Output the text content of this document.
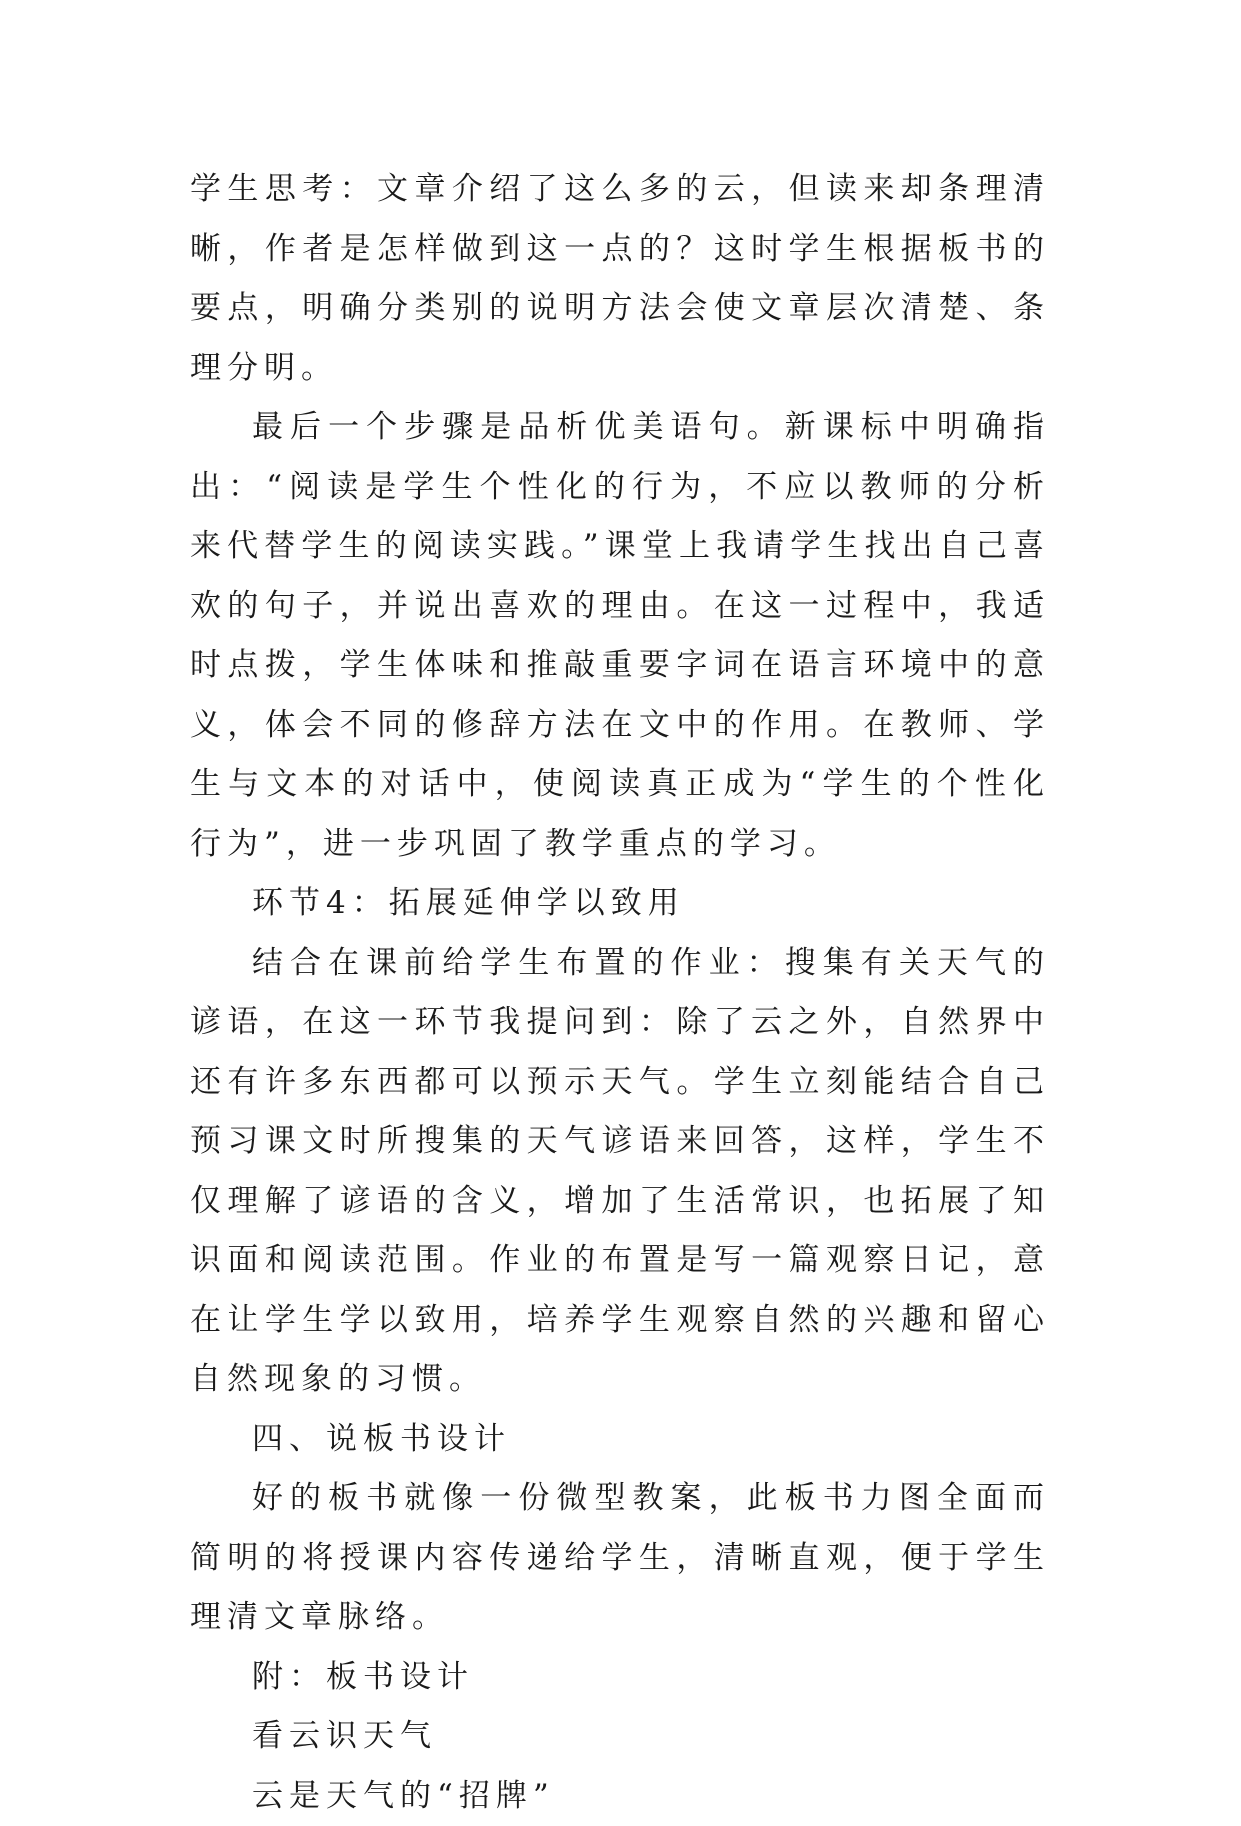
学生思考：文章介绍了这么多的云，但读来却条理清晰，作者是怎样做到这一点的？这时学生根据板书的要点，明确分类别的说明方法会使文章层次清楚、条理分明。

最后一个步骤是品析优美语句。新课标中明确指出：“阅读是学生个性化的行为，不应以教师的分析来代替学生的阅读实践。”课堂上我请学生找出自己喜欢的句子，并说出喜欢的理由。在这一过程中，我适时点拨，学生体味和推敲重要字词在语言环境中的意义，体会不同的修辞方法在文中的作用。在教师、学生与文本的对话中，使阅读真正成为“学生的个性化行为”，进一步巩固了教学重点的学习。

环节4：拓展延伸学以致用

结合在课前给学生布置的作业：搜集有关天气的谚语，在这一环节我提问到：除了云之外，自然界中还有许多东西都可以预示天气。学生立刻能结合自己预习课文时所搜集的天气谚语来回答，这样，学生不仅理解了谚语的含义，增加了生活常识，也拓展了知识面和阅读范围。作业的布置是写一篇观察日记，意在让学生学以致用，培养学生观察自然的兴趣和留心自然现象的习惯。

四、说板书设计

好的板书就像一份微型教案，此板书力图全面而简明的将授课内容传递给学生，清晰直观，便于学生理清文章脉络。

附：板书设计

看云识天气

云是天气的“招牌”
